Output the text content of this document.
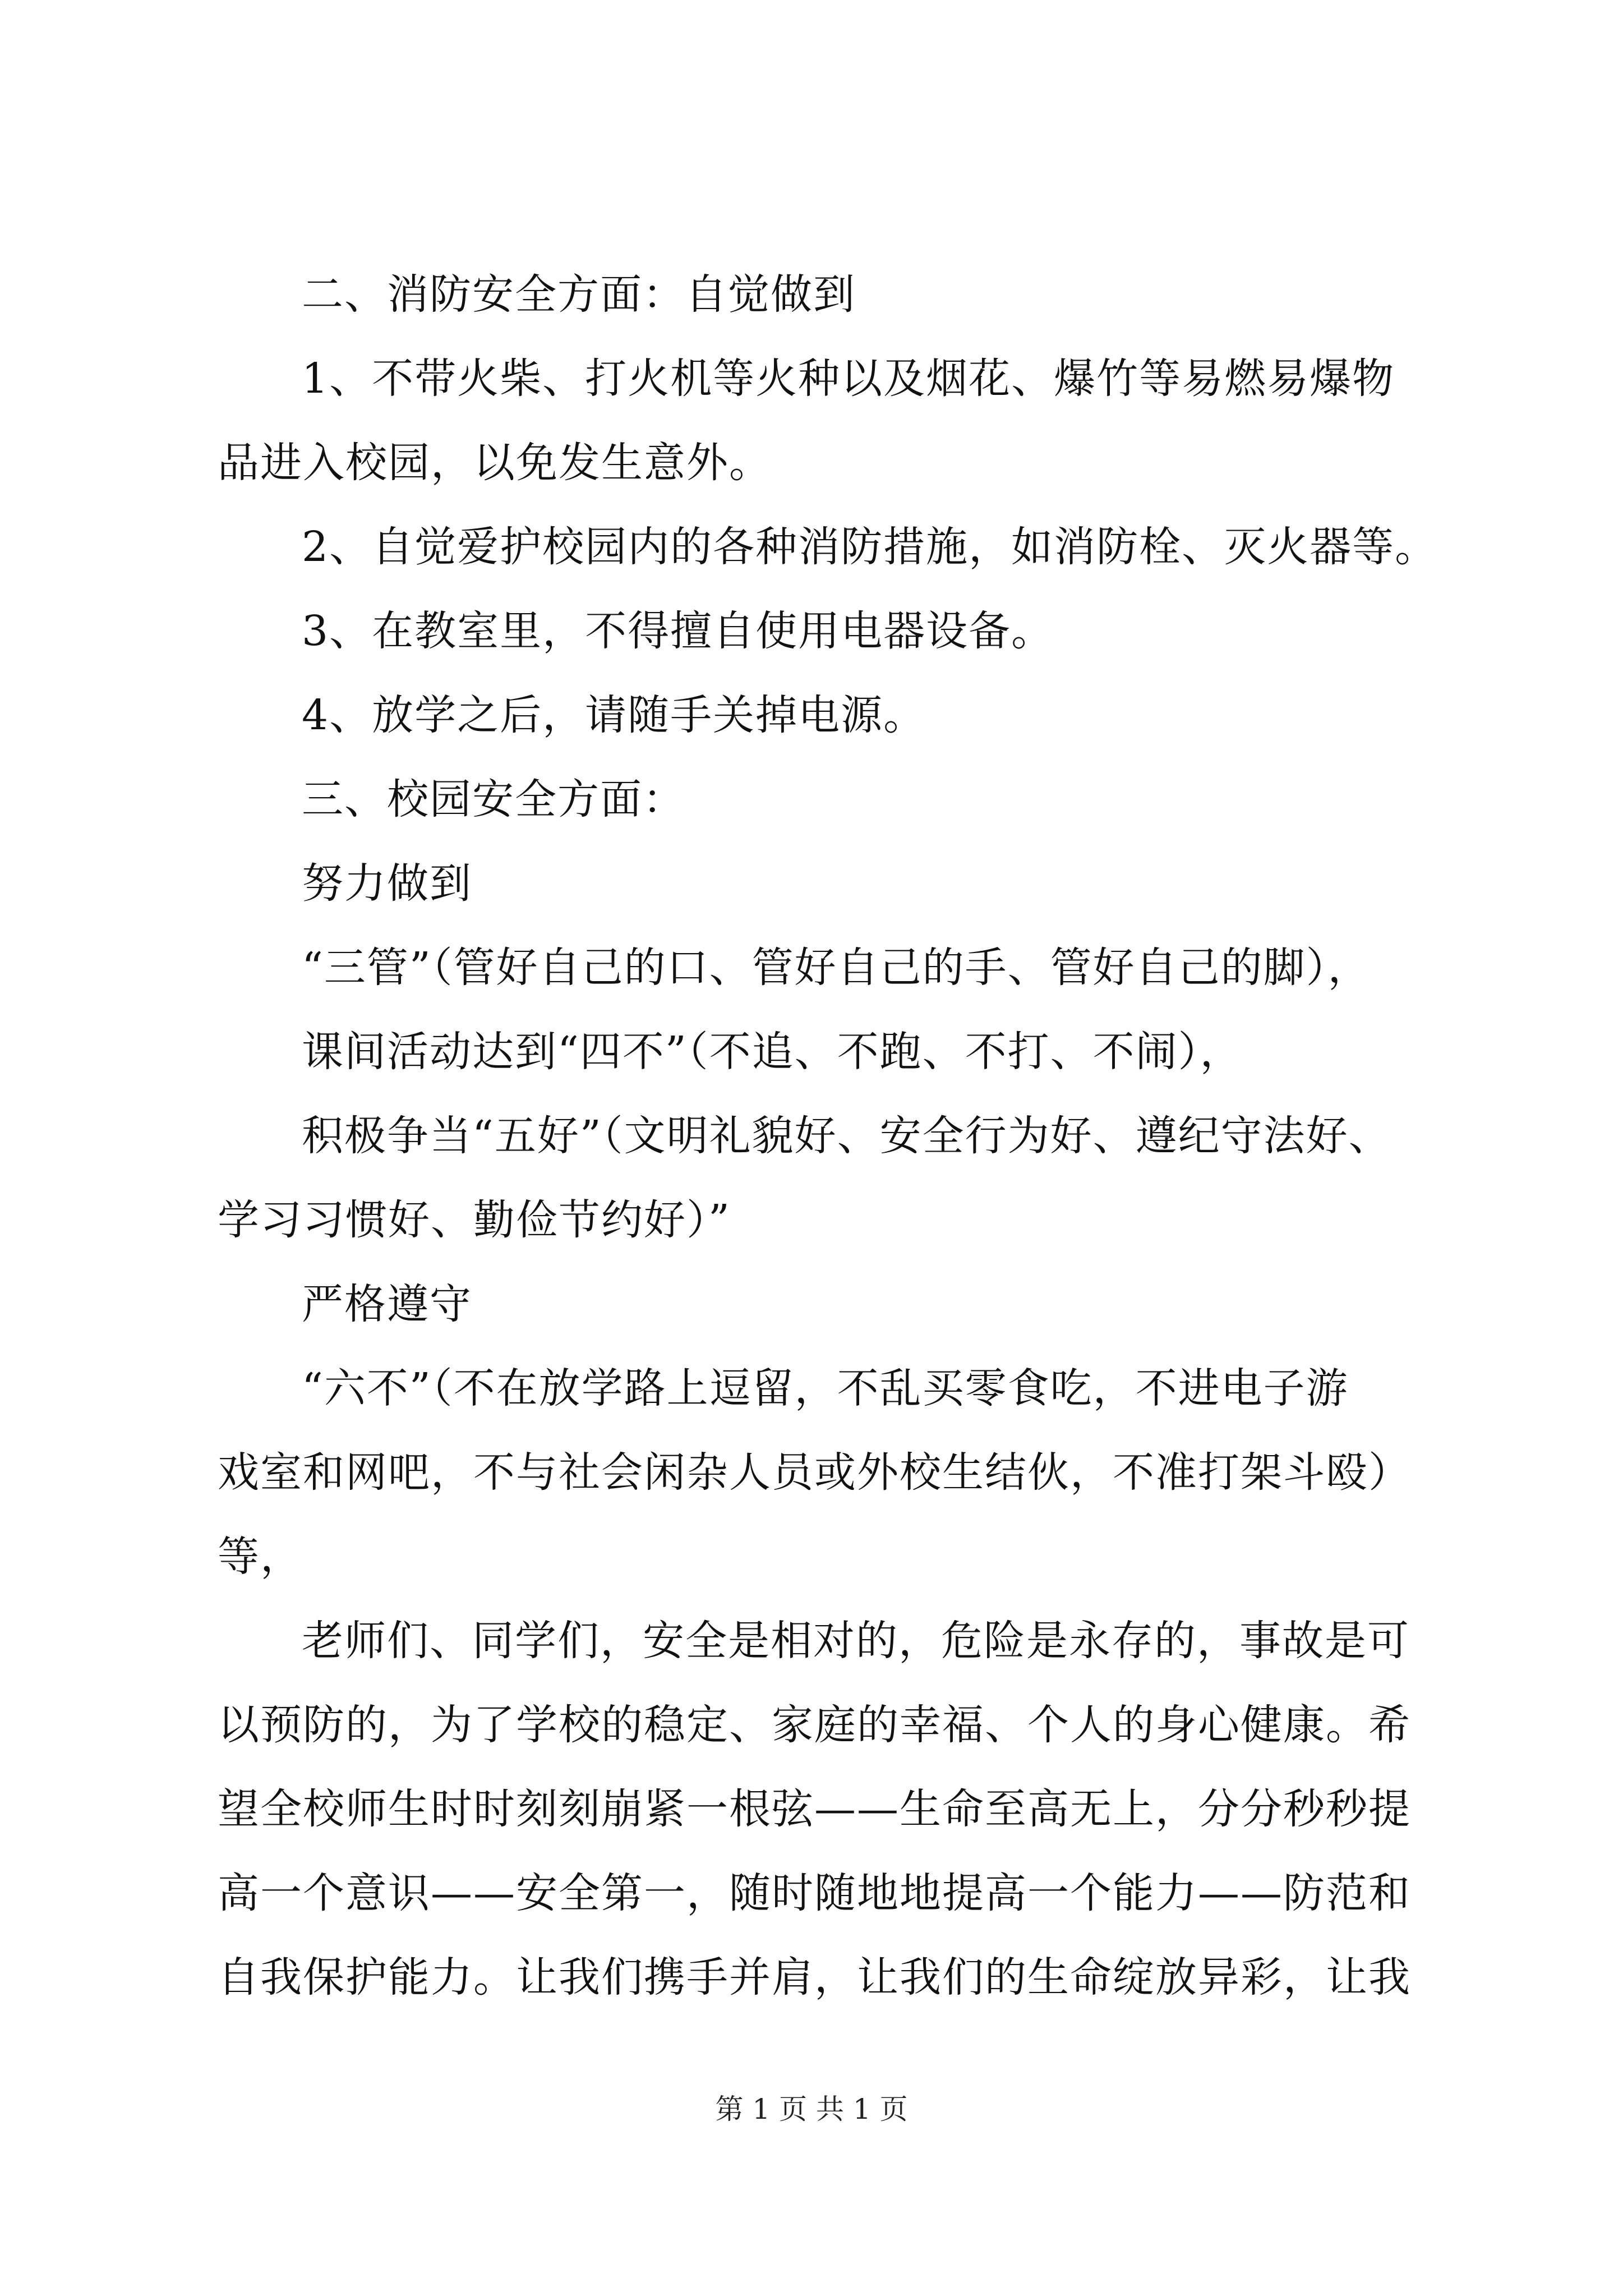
二、消防安全方面：自觉做到
1、不带火柴、打火机等火种以及烟花、爆竹等易燃易爆物
品进入校园，以免发生意外。
2、自觉爱护校园内的各种消防措施，如消防栓、灭火器等。
3、在教室里，不得擅自使用电器设备。
4、放学之后，请随手关掉电源。
三、校园安全方面：
努力做到
“三管”（管好自己的口、管好自己的手、管好自己的脚），
课间活动达到“四不”（不追、不跑、不打、不闹），
积极争当“五好”（文明礼貌好、安全行为好、遵纪守法好、
学习习惯好、勤俭节约好）”
严格遵守
“六不”（不在放学路上逗留，不乱买零食吃，不进电子游
戏室和网吧，不与社会闲杂人员或外校生结伙，不准打架斗殴）
等，
老师们、同学们，安全是相对的，危险是永存的，事故是可
以预防的，为了学校的稳定、家庭的幸福、个人的身心健康。希
望全校师生时时刻刻崩紧一根弦——生命至高无上，分分秒秒提
高一个意识——安全第一，随时随地地提高一个能力——防范和
自我保护能力。让我们携手并肩，让我们的生命绽放异彩，让我
第 1 页 共 1 页
